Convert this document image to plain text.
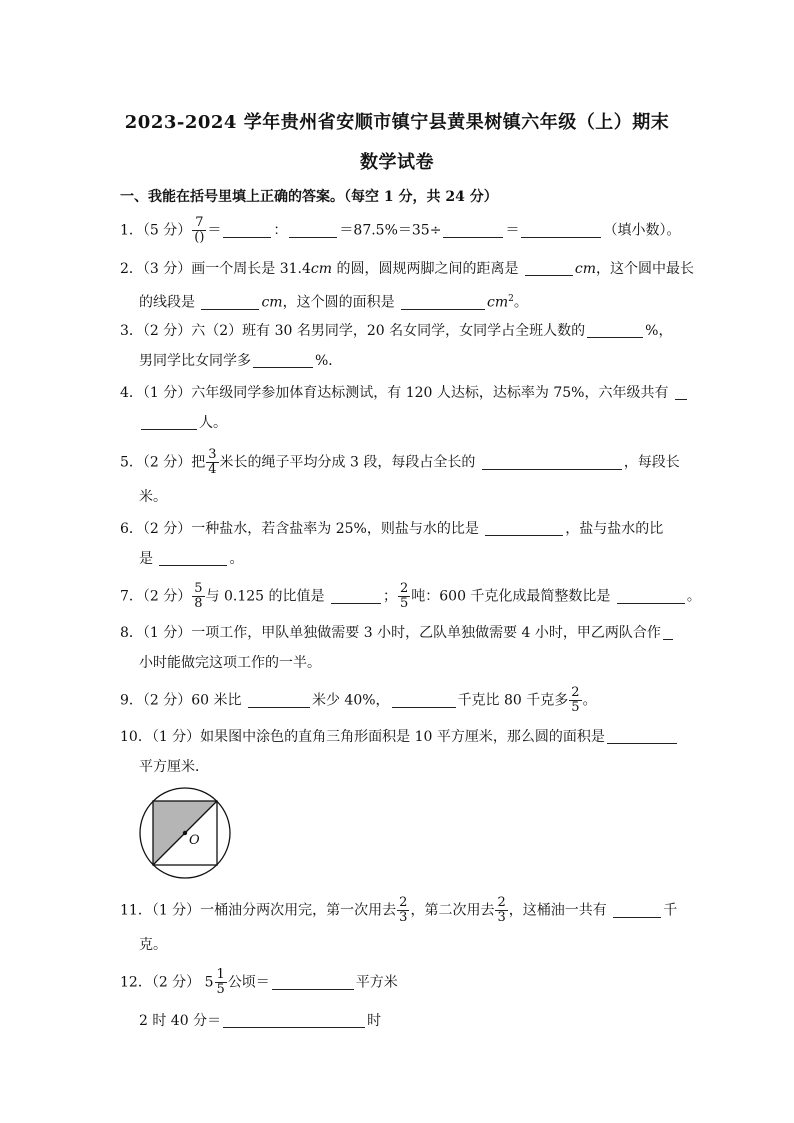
2023-2024 学年贵州省安顺市镇宁县黄果树镇六年级（上）期末
数学试卷
一、我能在括号里填上正确的答案。（每空 1 分，共 24 分）
1．（5 分） $\frac{7}{()}$ ＝	：	＝87.5%＝35÷	＝	（填小数）。
2．（3 分）画一个周长是 31.4cm 的圆，圆规两脚之间的距离是	cm，这个圆中最长
的线段是	cm，这个圆的面积是	$cm^2$。
3．（2 分）六（2）班有 30 名男同学，20 名女同学，女同学占全班人数的	%，
男同学比女同学多	%．
4．（1 分）六年级同学参加体育达标测试，有 120 人达标，达标率为 75%，六年级共有
人。
5．（2 分）把 $\frac{3}{4}$ 米长的绳子平均分成 3 段，每段占全长的	，每段长
米。
6．（2 分）一种盐水，若含盐率为 25%，则盐与水的比是	，盐与盐水的比
是	。
7．（2 分） $\frac{5}{8}$ 与 0.125 的比值是	； $\frac{2}{5}$ 吨：600 千克化成最简整数比是	。
8．（1 分）一项工作，甲队单独做需要 3 小时，乙队单独做需要 4 小时，甲乙两队合作
小时能做完这项工作的一半。
9．（2 分）60 米比	米少 40%，	千克比 80 千克多 $\frac{2}{5}$ 。
10．（1 分）如果图中涂色的直角三角形面积是 10 平方厘米，那么圆的面积是
平方厘米．
O
11．（1 分）一桶油分两次用完，第一次用去 $\frac{2}{3}$ ，第二次用去 $\frac{2}{3}$ ，这桶油一共有	千
克。
12．（2 分） $5 \frac{1}{5}$ 公顷＝	平方米
2 时 40 分＝	时
